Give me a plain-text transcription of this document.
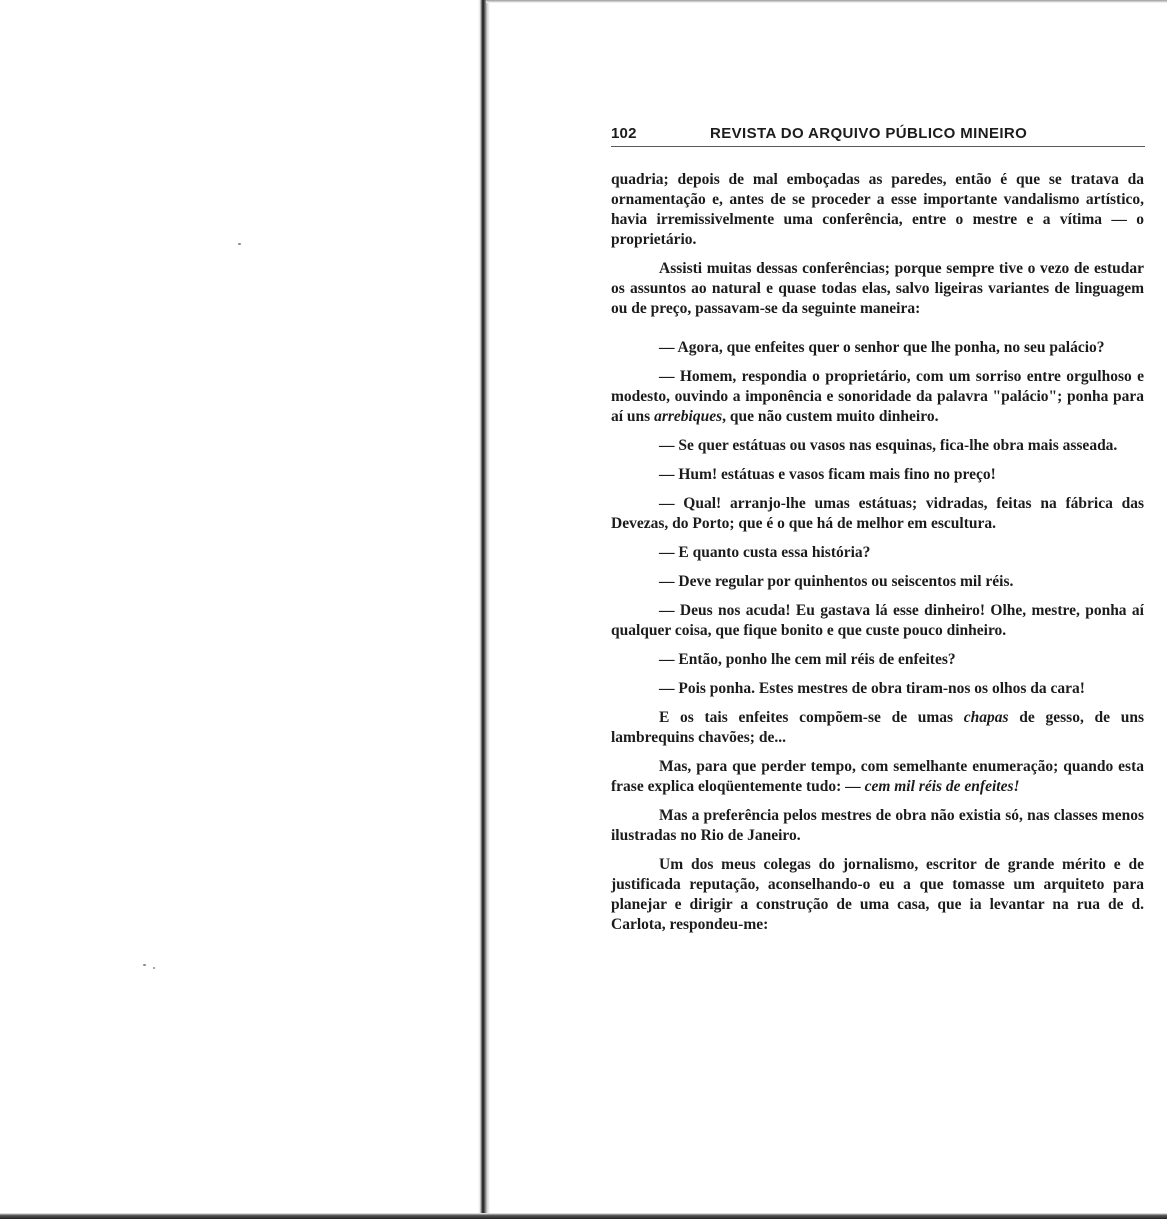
102	REVISTA DO ARQUIVO PÚBLICO MINEIRO

quadria; depois de mal emboçadas as paredes, então é que se tratava da ornamentação e, antes de se proceder a esse importante vandalismo artístico, havia irremissivelmente uma conferência, entre o mestre e a vítima — o proprietário.

Assisti muitas dessas conferências; porque sempre tive o vezo de estudar os assuntos ao natural e quase todas elas, salvo ligeiras variantes de linguagem ou de preço, passavam-se da seguinte maneira:

— Agora, que enfeites quer o senhor que lhe ponha, no seu palácio?

— Homem, respondia o proprietário, com um sorriso entre orgulhoso e modesto, ouvindo a imponência e sonoridade da palavra "palácio"; ponha para aí uns arrebiques, que não custem muito dinheiro.

— Se quer estátuas ou vasos nas esquinas, fica-lhe obra mais asseada.

— Hum! estátuas e vasos ficam mais fino no preço!

— Qual! arranjo-lhe umas estátuas; vidradas, feitas na fábrica das Devezas, do Porto; que é o que há de melhor em escultura.

— E quanto custa essa história?

— Deve regular por quinhentos ou seiscentos mil réis.

— Deus nos acuda! Eu gastava lá esse dinheiro! Olhe, mestre, ponha aí qualquer coisa, que fique bonito e que custe pouco dinheiro.

— Então, ponho lhe cem mil réis de enfeites?

— Pois ponha. Estes mestres de obra tiram-nos os olhos da cara!

E os tais enfeites compõem-se de umas chapas de gesso, de uns lambrequins chavões; de...

Mas, para que perder tempo, com semelhante enumeração; quando esta frase explica eloqüentemente tudo: — cem mil réis de enfeites!

Mas a preferência pelos mestres de obra não existia só, nas classes menos ilustradas no Rio de Janeiro.

Um dos meus colegas do jornalismo, escritor de grande mérito e de justificada reputação, aconselhando-o eu a que tomasse um arquiteto para planejar e dirigir a construção de uma casa, que ia levantar na rua de d. Carlota, respondeu-me:
